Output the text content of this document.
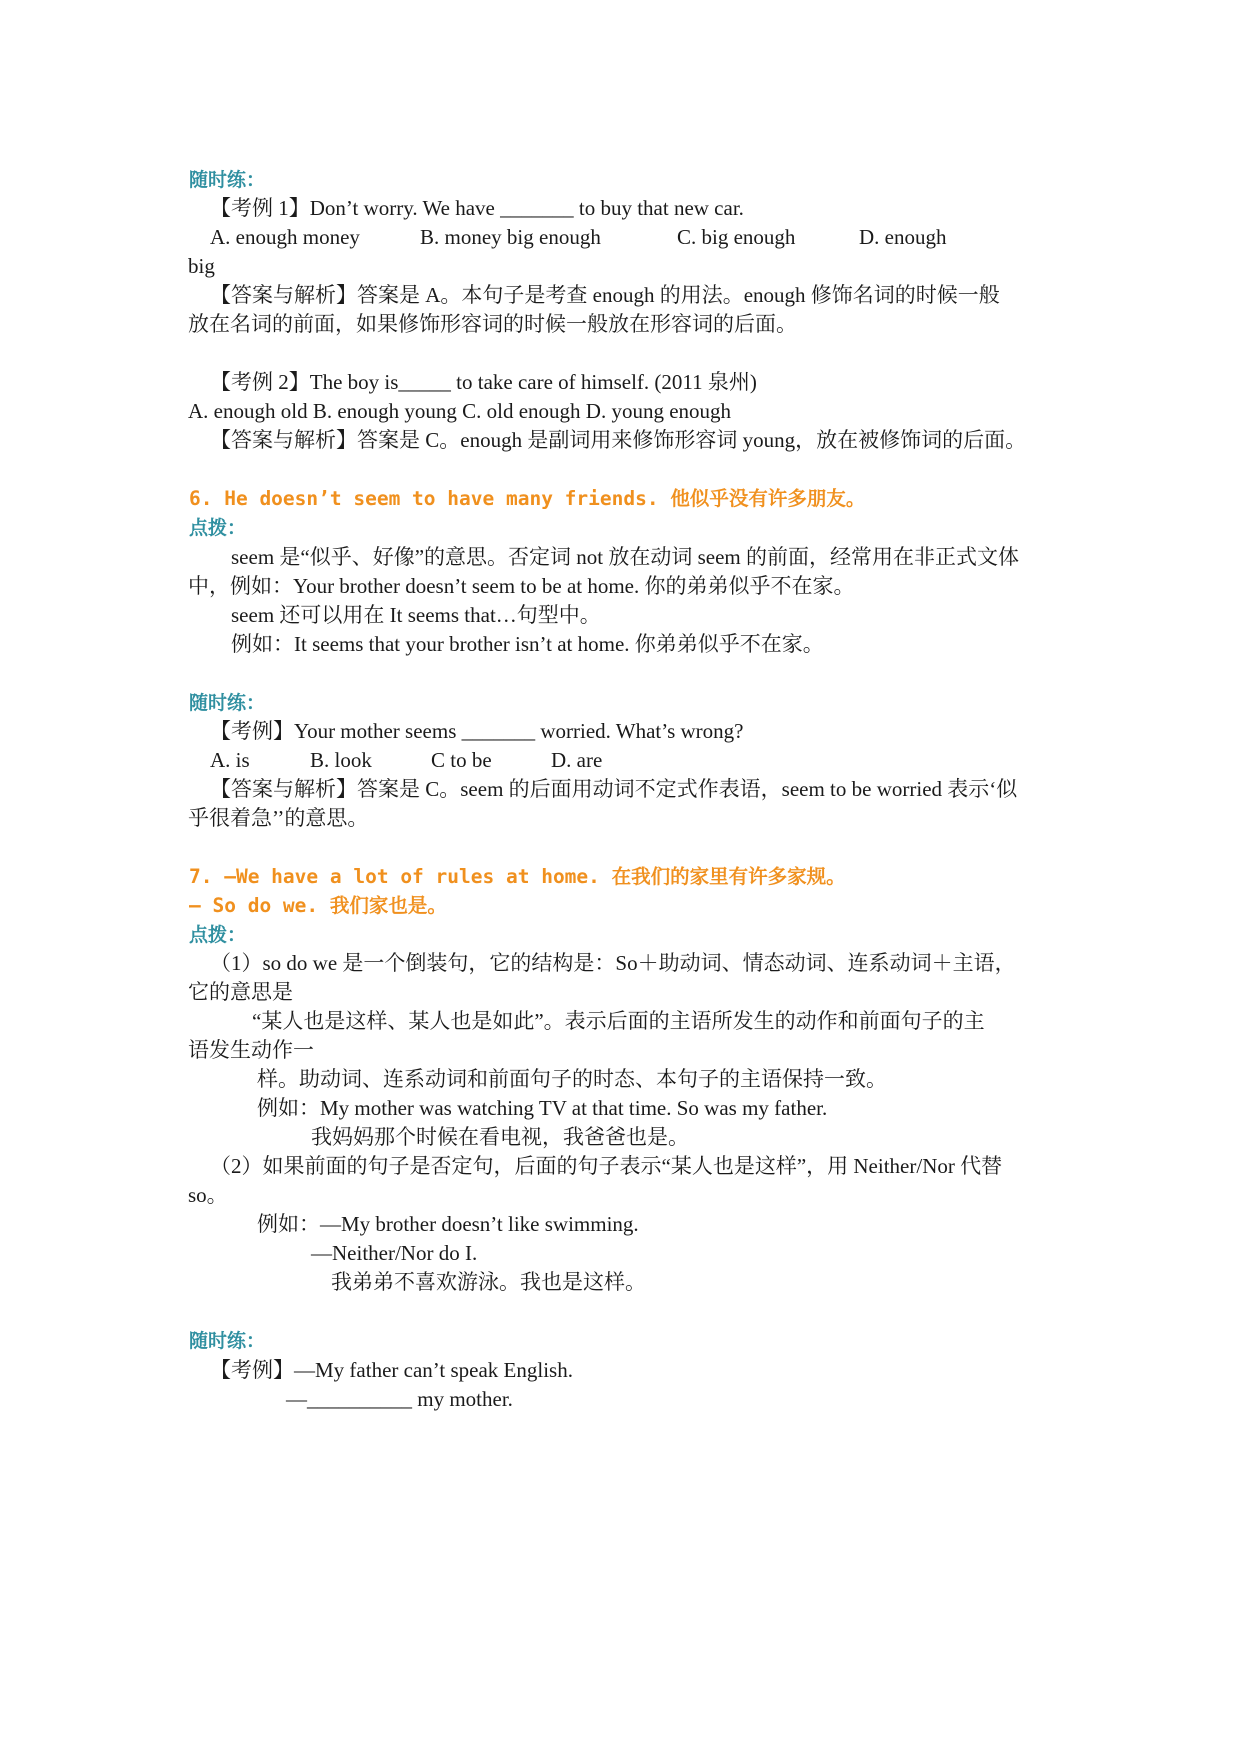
随时练：
【考例 1】Don’t worry. We have _______ to buy that new car.
A. enough money	B. money big enough	C. big enough	D. enough
big
【答案与解析】答案是 A。本句子是考查 enough 的用法。enough 修饰名词的时候一般
放在名词的前面，如果修饰形容词的时候一般放在形容词的后面。
【考例 2】The boy is_____ to take care of himself. (2011 泉州)
A. enough old B. enough young C. old enough D. young enough
【答案与解析】答案是 C。enough 是副词用来修饰形容词 young，放在被修饰词的后面。
6. He doesn’t seem to have many friends. 他似乎没有许多朋友。
点拨：
seem 是“似乎、好像”的意思。否定词 not 放在动词 seem 的前面，经常用在非正式文体
中，例如：Your brother doesn’t seem to be at home. 你的弟弟似乎不在家。
seem 还可以用在 It seems that…句型中。
例如：It seems that your brother isn’t at home. 你弟弟似乎不在家。
随时练：
【考例】Your mother seems _______ worried. What’s wrong?
A. is	B. look	C to be	D. are
【答案与解析】答案是 C。seem 的后面用动词不定式作表语，seem to be worried 表示‘似
乎很着急’’的意思。
7. —We have a lot of rules at home. 在我们的家里有许多家规。
— So do we. 我们家也是。
点拨：
（1）so do we 是一个倒装句，它的结构是：So＋助动词、情态动词、连系动词＋主语，
它的意思是
“某人也是这样、某人也是如此”。表示后面的主语所发生的动作和前面句子的主
语发生动作一
样。助动词、连系动词和前面句子的时态、本句子的主语保持一致。
例如：My mother was watching TV at that time. So was my father.
我妈妈那个时候在看电视，我爸爸也是。
（2）如果前面的句子是否定句，后面的句子表示“某人也是这样”，用 Neither/Nor 代替
so。
例如：—My brother doesn’t like swimming.
—Neither/Nor do I.
我弟弟不喜欢游泳。我也是这样。
随时练：
【考例】—My father can’t speak English.
—__________ my mother.
